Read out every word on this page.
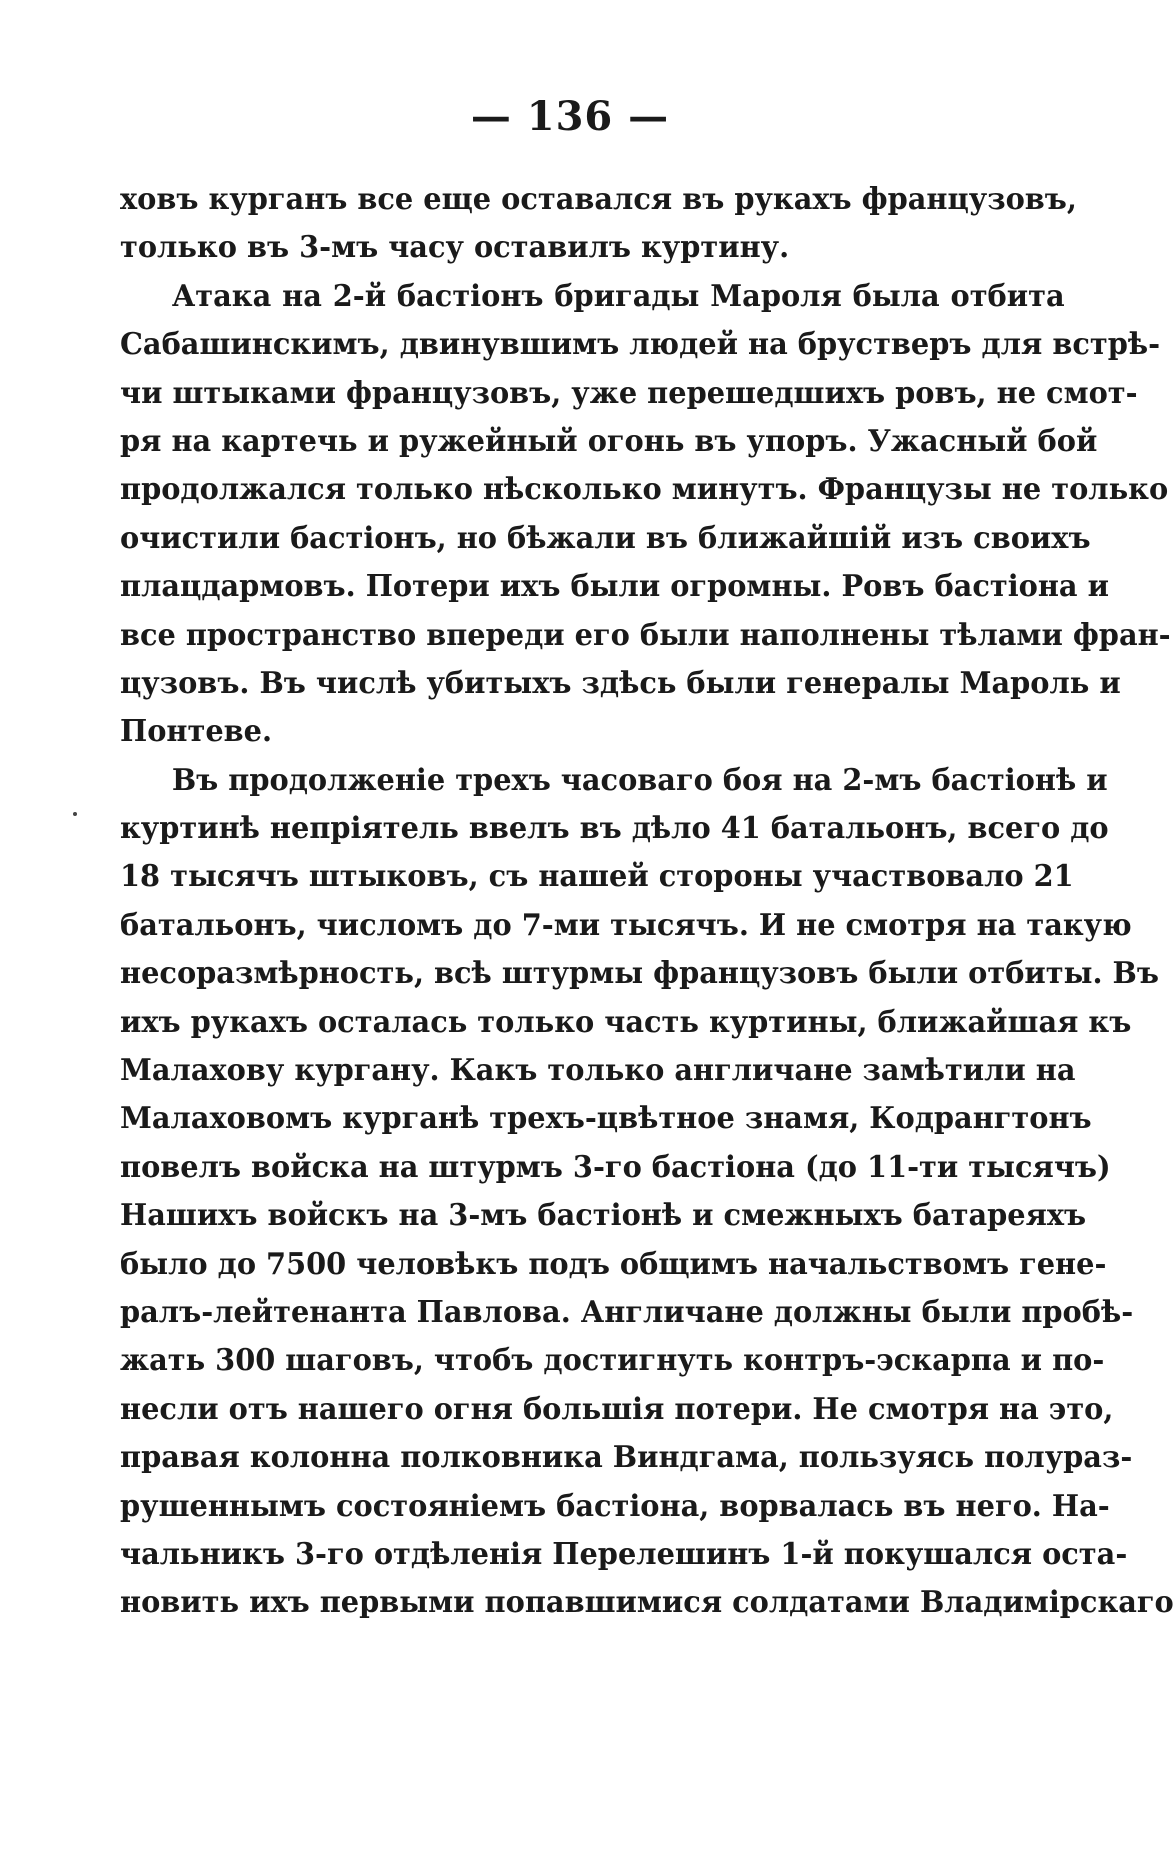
— 136 —
ховъ курганъ все еще оставался въ рукахъ французовъ,
только въ 3-мъ часу оставилъ куртину.
Атака на 2-й бастіонъ бригады Мароля была отбита
Сабашинскимъ, двинувшимъ людей на брустверъ для встрѣ-
чи штыками французовъ, уже перешедшихъ ровъ, не смот-
ря на картечь и ружейный огонь въ упоръ. Ужасный бой
продолжался только нѣсколько минутъ. Французы не только
очистили бастіонъ, но бѣжали въ ближайшій изъ своихъ
плацдармовъ. Потери ихъ были огромны. Ровъ бастіона и
все пространство впереди его были наполнены тѣлами фран-
цузовъ. Въ числѣ убитыхъ здѣсь были генералы Мароль и
Понтеве.
Въ продолженіе трехъ часоваго боя на 2-мъ бастіонѣ и
куртинѣ непріятель ввелъ въ дѣло 41 батальонъ, всего до
18 тысячъ штыковъ, съ нашей стороны участвовало 21
батальонъ, числомъ до 7-ми тысячъ. И не смотря на такую
несоразмѣрность, всѣ штурмы французовъ были отбиты. Въ
ихъ рукахъ осталась только часть куртины, ближайшая къ
Малахову кургану. Какъ только англичане замѣтили на
Малаховомъ курганѣ трехъ-цвѣтное знамя, Кодрангтонъ
повелъ войска на штурмъ 3-го бастіона (до 11-ти тысячъ)
Нашихъ войскъ на 3-мъ бастіонѣ и смежныхъ батареяхъ
было до 7500 человѣкъ подъ общимъ начальствомъ гене-
ралъ-лейтенанта Павлова. Англичане должны были пробѣ-
жать 300 шаговъ, чтобъ достигнуть контръ-эскарпа и по-
несли отъ нашего огня большія потери. Не смотря на это,
правая колонна полковника Виндгама, пользуясь полураз-
рушеннымъ состояніемъ бастіона, ворвалась въ него. На-
чальникъ 3-го отдѣленія Перелешинъ 1-й покушался оста-
новить ихъ первыми попавшимися солдатами Владимірскаго
